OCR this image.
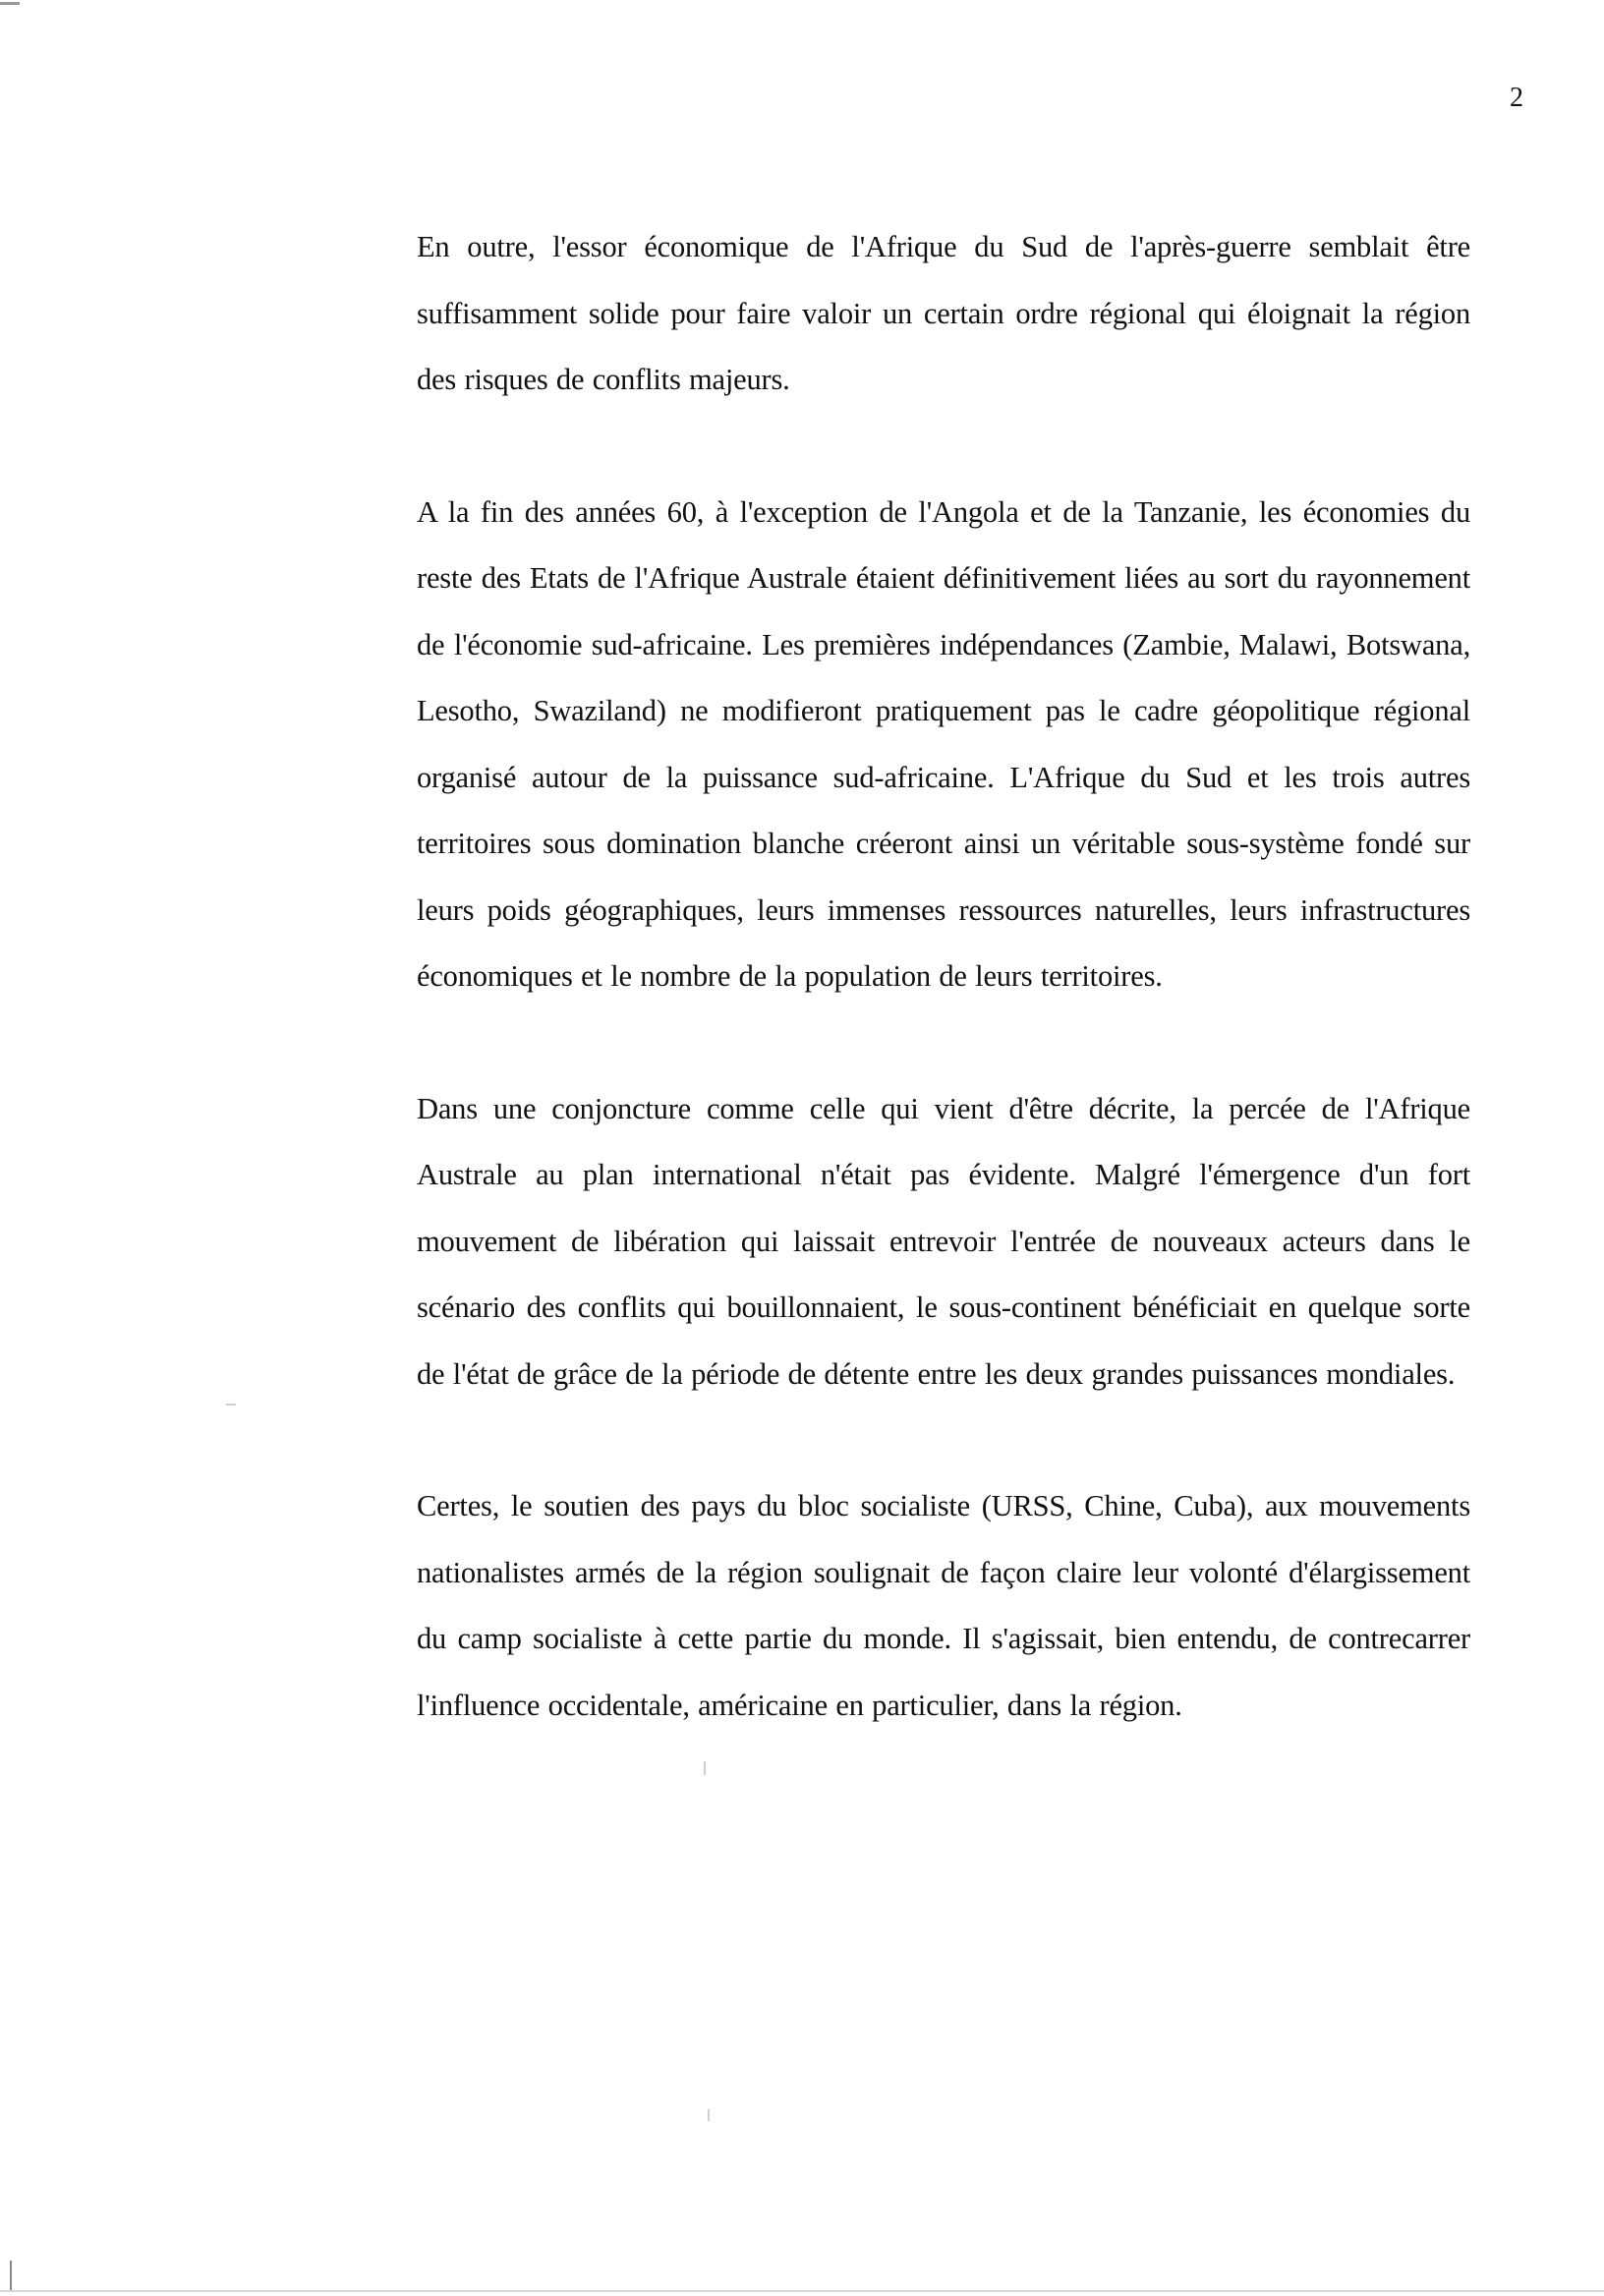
2

En outre, l'essor économique de l'Afrique du Sud de l'après-guerre semblait être suffisamment solide pour faire valoir un certain ordre régional qui éloignait la région des risques de conflits majeurs.

A la fin des années 60, à l'exception de l'Angola et de la Tanzanie, les économies du reste des Etats de l'Afrique Australe étaient définitivement liées au sort du rayonnement de l'économie sud-africaine. Les premières indépendances (Zambie, Malawi, Botswana, Lesotho, Swaziland) ne modifieront pratiquement pas le cadre géopolitique régional organisé autour de la puissance sud-africaine. L'Afrique du Sud et les trois autres territoires sous domination blanche créeront ainsi un véritable sous-système fondé sur leurs poids géographiques, leurs immenses ressources naturelles, leurs infrastructures économiques et le nombre de la population de leurs territoires.

Dans une conjoncture comme celle qui vient d'être décrite, la percée de l'Afrique Australe au plan international n'était pas évidente. Malgré l'émergence d'un fort mouvement de libération qui laissait entrevoir l'entrée de nouveaux acteurs dans le scénario des conflits qui bouillonnaient, le sous-continent bénéficiait en quelque sorte de l'état de grâce de la période de détente entre les deux grandes puissances mondiales.

Certes, le soutien des pays du bloc socialiste (URSS, Chine, Cuba), aux mouvements nationalistes armés de la région soulignait de façon claire leur volonté d'élargissement du camp socialiste à cette partie du monde. Il s'agissait, bien entendu, de contrecarrer l'influence occidentale, américaine en particulier, dans la région.
